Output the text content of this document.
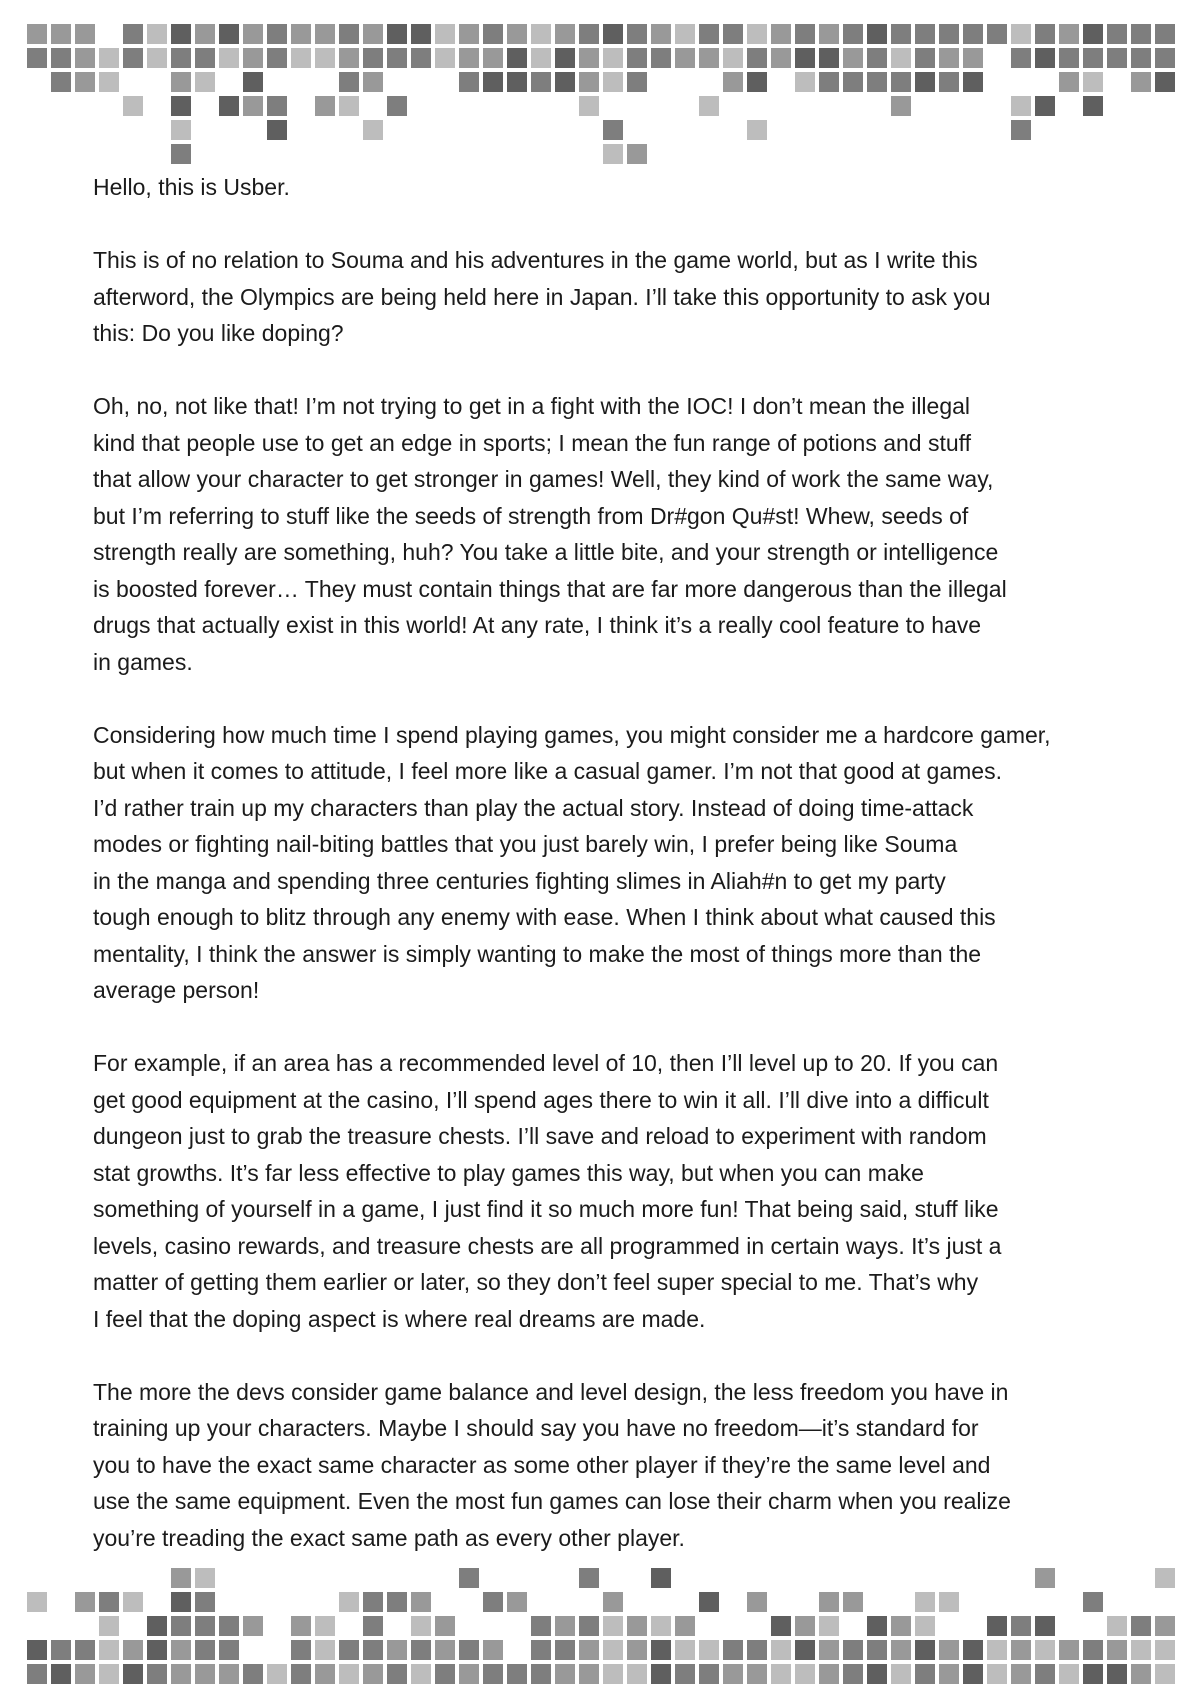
Hello, this is Usber.
This is of no relation to Souma and his adventures in the game world, but as I write this
afterword, the Olympics are being held here in Japan. I’ll take this opportunity to ask you
this: Do you like doping?
Oh, no, not like that! I’m not trying to get in a fight with the IOC! I don’t mean the illegal
kind that people use to get an edge in sports; I mean the fun range of potions and stuff
that allow your character to get stronger in games! Well, they kind of work the same way,
but I’m referring to stuff like the seeds of strength from Dr#gon Qu#st! Whew, seeds of
strength really are something, huh? You take a little bite, and your strength or intelligence
is boosted forever… They must contain things that are far more dangerous than the illegal
drugs that actually exist in this world! At any rate, I think it’s a really cool feature to have
in games.
Considering how much time I spend playing games, you might consider me a hardcore gamer,
but when it comes to attitude, I feel more like a casual gamer. I’m not that good at games.
I’d rather train up my characters than play the actual story. Instead of doing time-attack
modes or fighting nail-biting battles that you just barely win, I prefer being like Souma
in the manga and spending three centuries fighting slimes in Aliah#n to get my party
tough enough to blitz through any enemy with ease. When I think about what caused this
mentality, I think the answer is simply wanting to make the most of things more than the
average person!
For example, if an area has a recommended level of 10, then I’ll level up to 20. If you can
get good equipment at the casino, I’ll spend ages there to win it all. I’ll dive into a difficult
dungeon just to grab the treasure chests. I’ll save and reload to experiment with random
stat growths. It’s far less effective to play games this way, but when you can make
something of yourself in a game, I just find it so much more fun! That being said, stuff like
levels, casino rewards, and treasure chests are all programmed in certain ways. It’s just a
matter of getting them earlier or later, so they don’t feel super special to me. That’s why
I feel that the doping aspect is where real dreams are made.
The more the devs consider game balance and level design, the less freedom you have in
training up your characters. Maybe I should say you have no freedom—it’s standard for
you to have the exact same character as some other player if they’re the same level and
use the same equipment. Even the most fun games can lose their charm when you realize
you’re treading the exact same path as every other player.
